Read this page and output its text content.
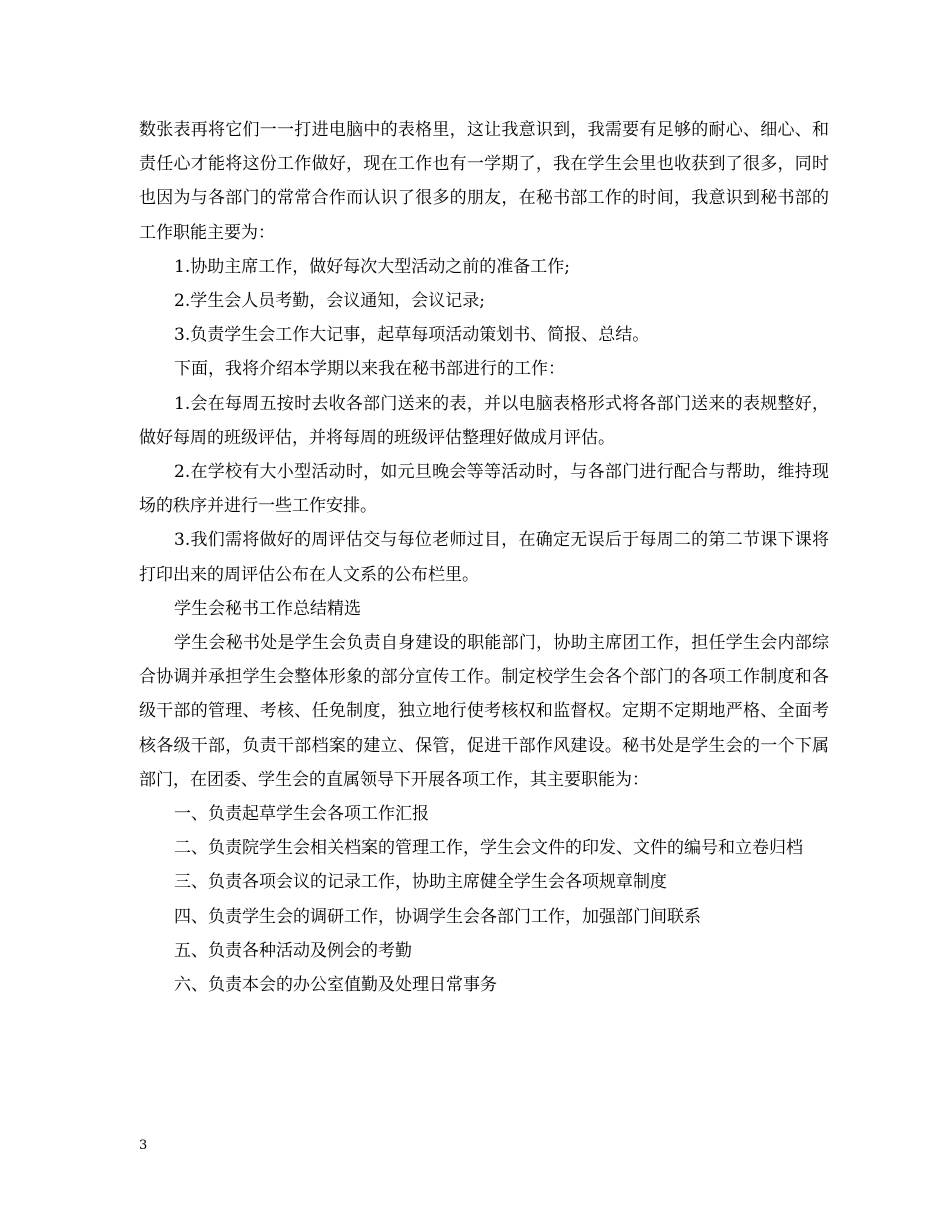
数张表再将它们一一打进电脑中的表格里，这让我意识到，我需要有足够的耐心、细心、和责任心才能将这份工作做好，现在工作也有一学期了，我在学生会里也收获到了很多，同时也因为与各部门的常常合作而认识了很多的朋友，在秘书部工作的时间，我意识到秘书部的工作职能主要为：

1.协助主席工作，做好每次大型活动之前的准备工作;

2.学生会人员考勤，会议通知，会议记录;

3.负责学生会工作大记事，起草每项活动策划书、简报、总结。

下面，我将介绍本学期以来我在秘书部进行的工作：

1.会在每周五按时去收各部门送来的表，并以电脑表格形式将各部门送来的表规整好，做好每周的班级评估，并将每周的班级评估整理好做成月评估。

2.在学校有大小型活动时，如元旦晚会等等活动时，与各部门进行配合与帮助，维持现场的秩序并进行一些工作安排。

3.我们需将做好的周评估交与每位老师过目，在确定无误后于每周二的第二节课下课将打印出来的周评估公布在人文系的公布栏里。

学生会秘书工作总结精选

学生会秘书处是学生会负责自身建设的职能部门，协助主席团工作，担任学生会内部综合协调并承担学生会整体形象的部分宣传工作。制定校学生会各个部门的各项工作制度和各级干部的管理、考核、任免制度，独立地行使考核权和监督权。定期不定期地严格、全面考核各级干部，负责干部档案的建立、保管，促进干部作风建设。秘书处是学生会的一个下属部门，在团委、学生会的直属领导下开展各项工作，其主要职能为：

一、负责起草学生会各项工作汇报

二、负责院学生会相关档案的管理工作，学生会文件的印发、文件的编号和立卷归档

三、负责各项会议的记录工作，协助主席健全学生会各项规章制度

四、负责学生会的调研工作，协调学生会各部门工作，加强部门间联系

五、负责各种活动及例会的考勤

六、负责本会的办公室值勤及处理日常事务

3
